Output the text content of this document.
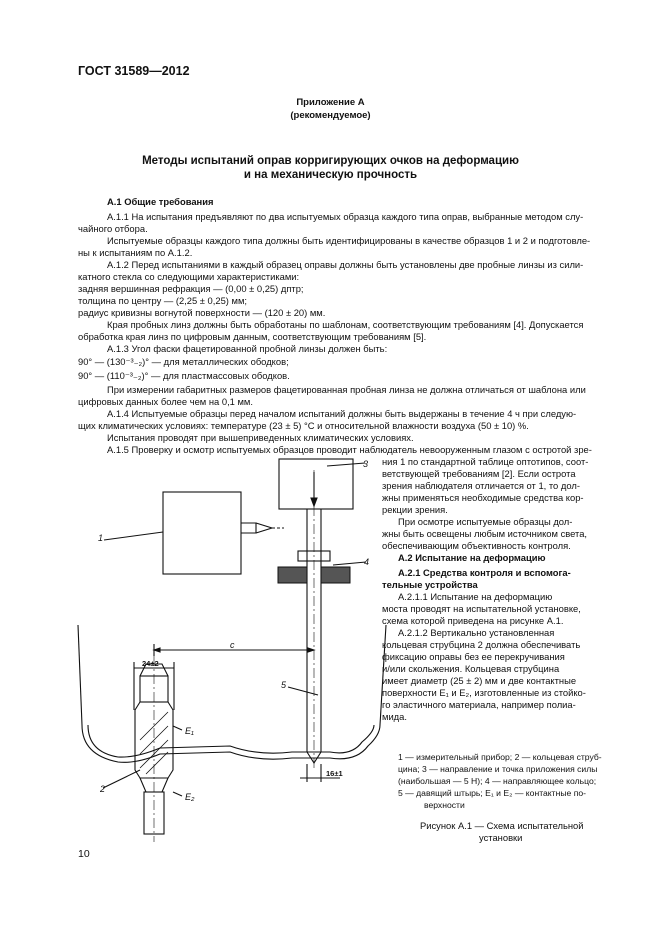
ГОСТ 31589—2012
Приложение А
(рекомендуемое)
Методы испытаний оправ корригирующих очков на деформацию
и на механическую прочность
А.1 Общие требования
А.1.1 На испытания предъявляют по два испытуемых образца каждого типа оправ, выбранные методом слу-
чайного отбора.
Испытуемые образцы каждого типа должны быть идентифицированы в качестве образцов 1 и 2 и подготовле-
ны к испытаниям по А.1.2.
А.1.2 Перед испытаниями в каждый образец оправы должны быть установлены две пробные линзы из сили-
катного стекла со следующими характеристиками:
задняя вершинная рефракция — (0,00 ± 0,25) дптр;
толщина по центру — (2,25 ± 0,25) мм;
радиус кривизны вогнутой поверхности — (120 ± 20) мм.
Края пробных линз должны быть обработаны по шаблонам, соответствующим требованиям [4]. Допускается
обработка края линз по цифровым данным, соответствующим требованиям [5].
А.1.3 Угол фаски фацетированной пробной линзы должен быть:
90° — (130⁻³₋₂)° — для металлических ободков;
90° — (110⁻³₋₂)° — для пластмассовых ободков.
При измерении габаритных размеров фацетированная пробная линза не должна отличаться от шаблона или
цифровых данных более чем на 0,1 мм.
А.1.4 Испытуемые образцы перед началом испытаний должны быть выдержаны в течение 4 ч при следую-
щих климатических условиях: температуре (23 ± 5) °С и относительной влажности воздуха (50 ± 10) %.
Испытания проводят при вышеприведенных климатических условиях.
А.1.5 Проверку и осмотр испытуемых образцов проводит наблюдатель невооруженным глазом с остротой зре-
ния 1 по стандартной таблице оптотипов, соот-
ветствующей требованиям [2]. Если острота
зрения наблюдателя отличается от 1, то дол-
жны применяться необходимые средства кор-
рекции зрения.
При осмотре испытуемые образцы дол-
жны быть освещены любым источником света,
обеспечивающим объективность контроля.
А.2 Испытание на деформацию
А.2.1 Средства контроля и вспомога-
тельные устройства
А.2.1.1 Испытание на деформацию
моста проводят на испытательной установке,
схема которой приведена на рисунке А.1.
А.2.1.2 Вертикально установленная
кольцевая струбцина 2 должна обеспечивать
фиксацию оправы без ее перекручивания
и/или скольжения. Кольцевая струбцина
имеет диаметр (25 ± 2) мм и две контактные
поверхности E₁ и E₂, изготовленные из стойко-
го эластичного материала, например полиа-
мида.
1
2
3
4
5
c
E₁
E₂
24±2
16±1
1 — измерительный прибор; 2 — кольцевая струб-
цина; 3 — направление и точка приложения силы
(наибольшая — 5 Н); 4 — направляющее кольцо;
5 — давящий штырь; E₁ и E₂ — контактные по-
верхности
Рисунок А.1 — Схема испытательной
установки
10
